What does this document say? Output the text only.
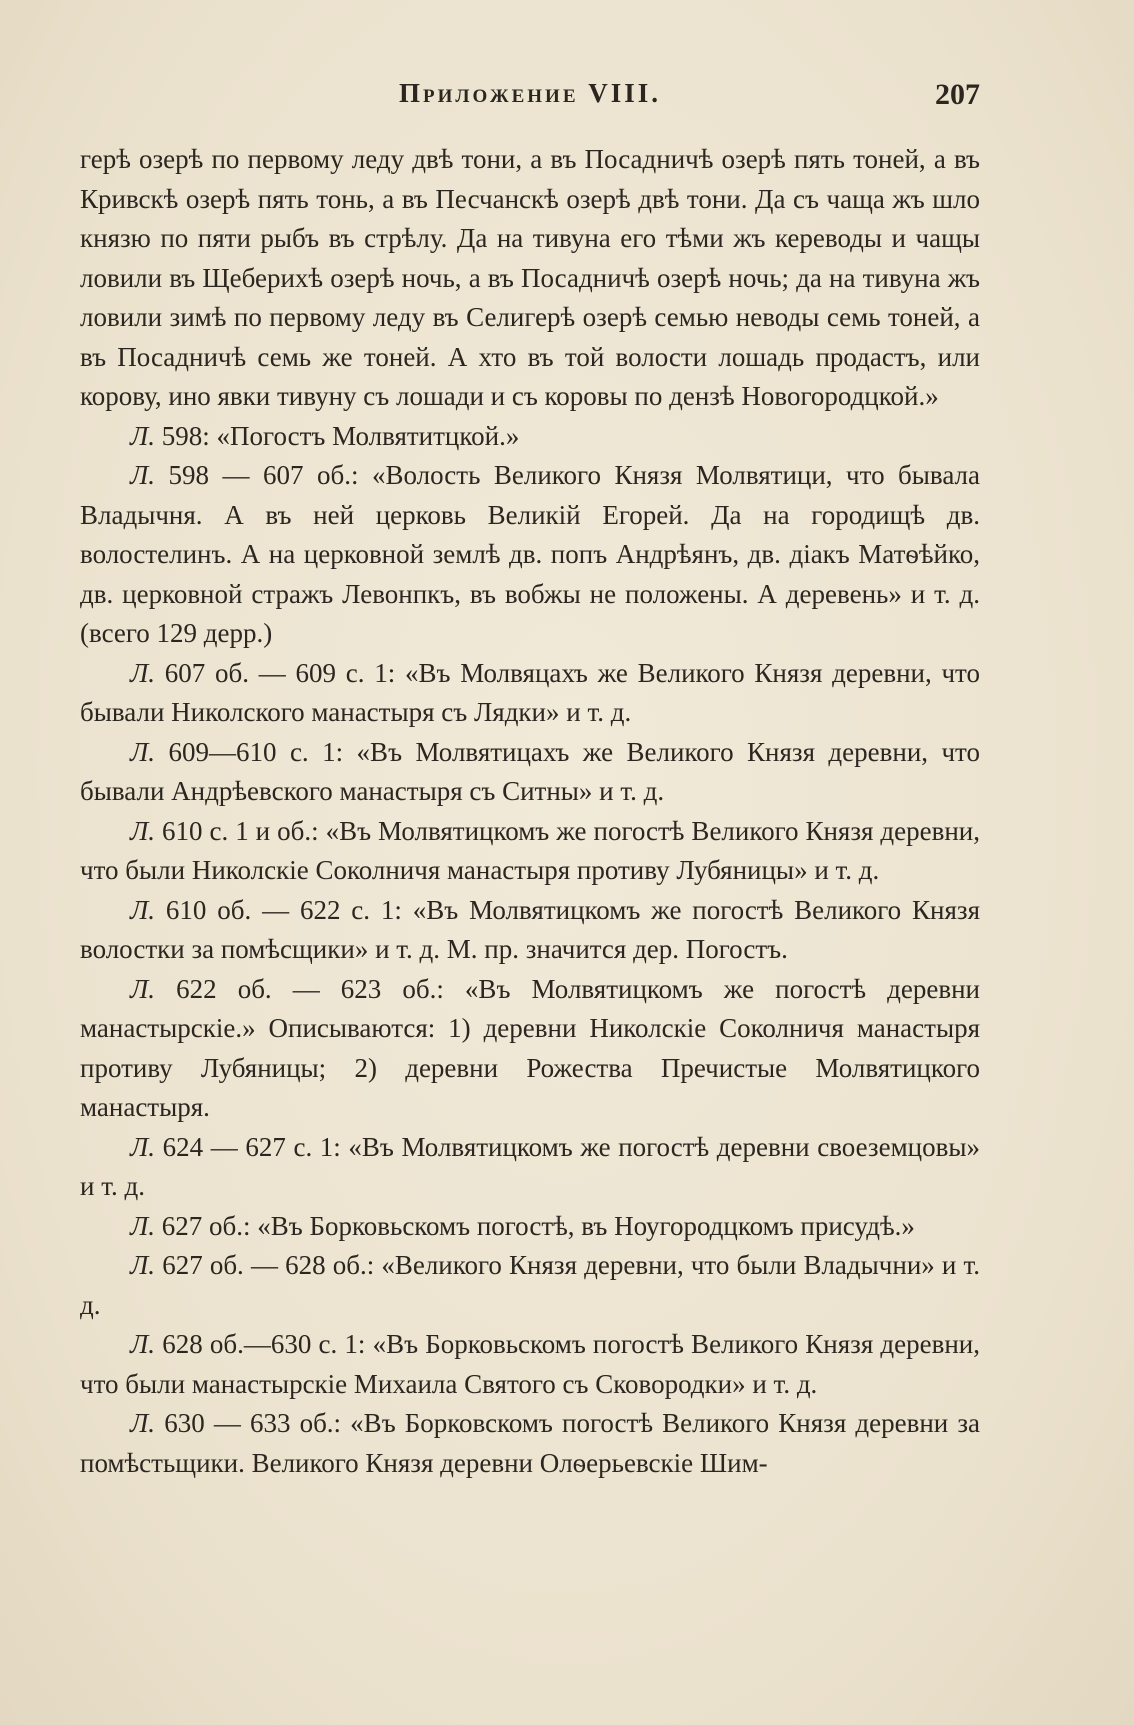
Приложение VIII.	207

герѣ озерѣ по первому леду двѣ тони, а въ Посадничѣ озерѣ пять тоней, а въ Кривскѣ озерѣ пять тонь, а въ Песчанскѣ озерѣ двѣ тони. Да съ чаща жъ шло князю по пяти рыбъ въ стрѣлу. Да на тивуна его тѣми жъ кереводы и чащы ловили въ Щеберихѣ озерѣ ночь, а въ Посадничѣ озерѣ ночь; да на тивуна жъ ловили зимѣ по первому леду въ Селигерѣ озерѣ семью неводы семь тоней, а въ Посадничѣ семь же тоней. А хто въ той волости лошадь продастъ, или корову, ино явки тивуну съ лошади и съ коровы по дензѣ Новогородцкой.»

Л. 598: «Погостъ Молвятитцкой.»

Л. 598 — 607 об.: «Волость Великого Князя Молвятици, что бывала Владычня. А въ ней церковь Великій Егорей. Да на городищѣ дв. волостелинъ. А на церковной землѣ дв. попъ Андрѣянъ, дв. діакъ Матѳѣйко, дв. церковной стражъ Левонпкъ, въ вобжы не положены. А деревень» и т. д. (всего 129 дерр.)

Л. 607 об. — 609 с. 1: «Въ Молвяцахъ же Великого Князя деревни, что бывали Николского манастыря съ Лядки» и т. д.

Л. 609—610 с. 1: «Въ Молвятицахъ же Великого Князя деревни, что бывали Андрѣевского манастыря съ Ситны» и т. д.

Л. 610 с. 1 и об.: «Въ Молвятицкомъ же погостѣ Великого Князя деревни, что были Николскіе Соколничя манастыря противу Лубяницы» и т. д.

Л. 610 об. — 622 с. 1: «Въ Молвятицкомъ же погостѣ Великого Князя волостки за помѣсщики» и т. д. М. пр. значится дер. Погостъ.

Л. 622 об. — 623 об.: «Въ Молвятицкомъ же погостѣ деревни манастырскіе.» Описываются: 1) деревни Николскіе Соколничя манастыря противу Лубяницы; 2) деревни Рожества Пречистые Молвятицкого манастыря.

Л. 624 — 627 с. 1: «Въ Молвятицкомъ же погостѣ деревни своеземцовы» и т. д.

Л. 627 об.: «Въ Борковьскомъ погостѣ, въ Ноугородцкомъ присудѣ.»

Л. 627 об. — 628 об.: «Великого Князя деревни, что были Владычни» и т. д.

Л. 628 об.—630 с. 1: «Въ Борковьскомъ погостѣ Великого Князя деревни, что были манастырскіе Михаила Святого съ Сковородки» и т. д.

Л. 630 — 633 об.: «Въ Борковскомъ погостѣ Великого Князя деревни за помѣстьщики. Великого Князя деревни Олѳерьевскіе Шим-
